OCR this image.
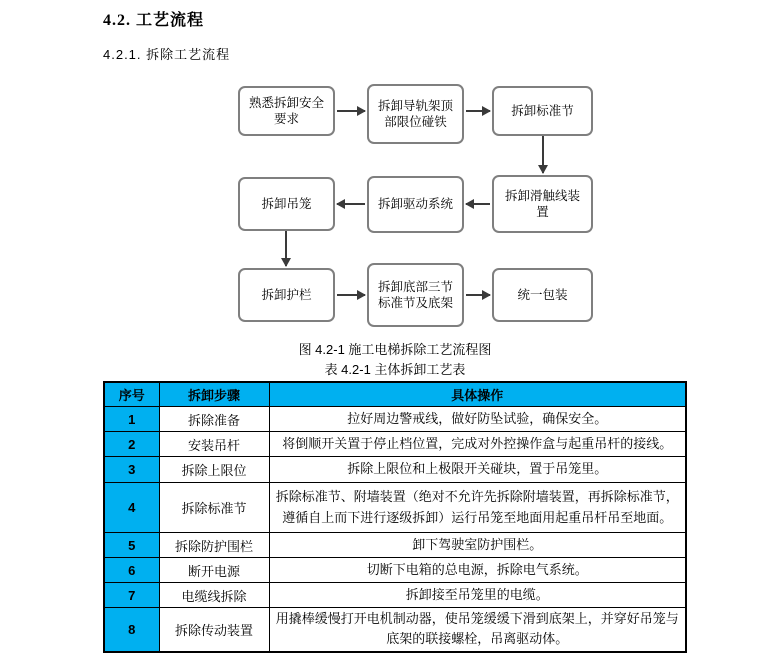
4.2. 工艺流程
4.2.1. 拆除工艺流程
熟悉拆卸安全要求
拆卸导轨架顶部限位碰铁
拆卸标准节
拆卸吊笼	拆卸驱动系统
拆卸滑触线装置
拆卸护栏
拆卸底部三节标准节及底架
统一包装
图 4.2-1 施工电梯拆除工艺流程图
表 4.2-1 主体拆卸工艺表
序号	拆卸步骤	具体操作
1	拆除准备	拉好周边警戒线，做好防坠试验，确保安全。
2	安装吊杆	将倒顺开关置于停止档位置，完成对外控操作盒与起重吊杆的接线。
3	拆除上限位	拆除上限位和上极限开关碰块，置于吊笼里。
4	拆除标准节	拆除标准节、附墙装置（绝对不允许先拆除附墙装置，再拆除标准节，遵循自上而下进行逐级拆卸）运行吊笼至地面用起重吊杆吊至地面。
5	拆除防护围栏	卸下驾驶室防护围栏。
6	断开电源	切断下电箱的总电源，拆除电气系统。
7	电缆线拆除	拆卸接至吊笼里的电缆。
8	拆除传动装置	用撬棒缓慢打开电机制动器，使吊笼缓缓下滑到底架上，并穿好吊笼与底架的联接螺栓，吊离驱动体。
